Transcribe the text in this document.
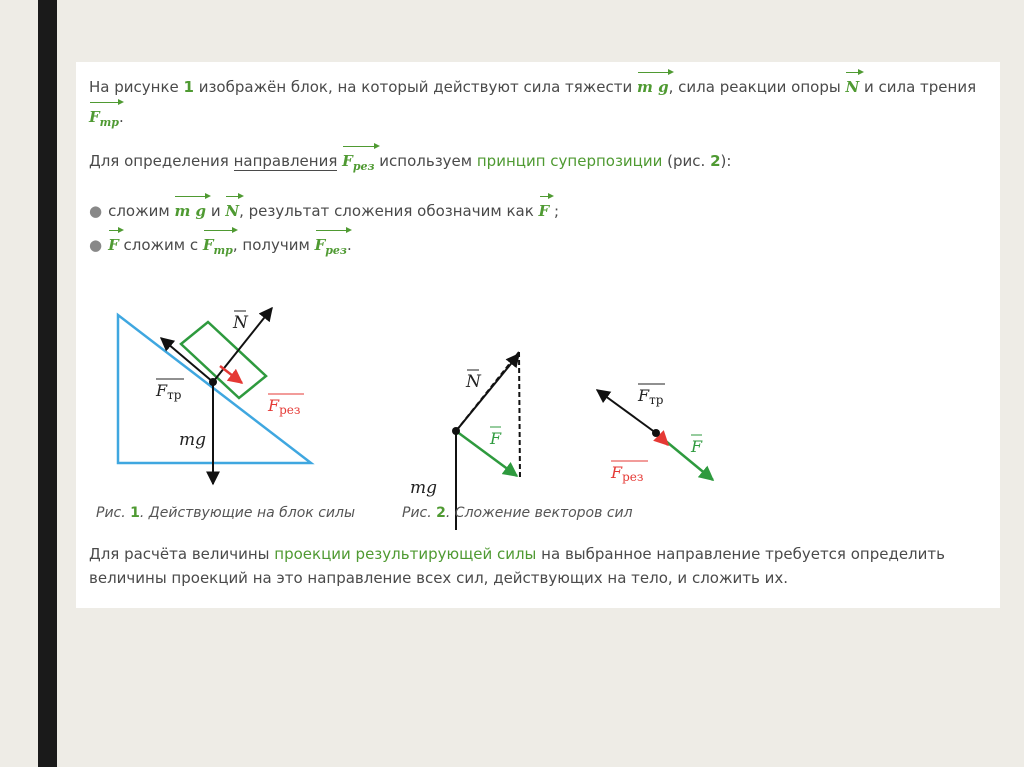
На рисунке 1 изображён блок, на который действуют сила тяжести m g, сила реакции опоры N и сила трения
$F_{тр}$.
Для определения направления $F_{рез}$ используем принцип суперпозиции (рис. 2):
● сложим m g и N, результат сложения обозначим как F ;
● F сложим с $F_{тр}$, получим $F_{рез}$.
N
Fтр
Fрез
mg
N
F
mg
Fтр
F
Fрез
Рис. 1. Действующие на блок силы	Рис. 2. Сложение векторов сил
Для расчёта величины проекции результирующей силы на выбранное направление требуется определить
величины проекций на это направление всех сил, действующих на тело, и сложить их.
